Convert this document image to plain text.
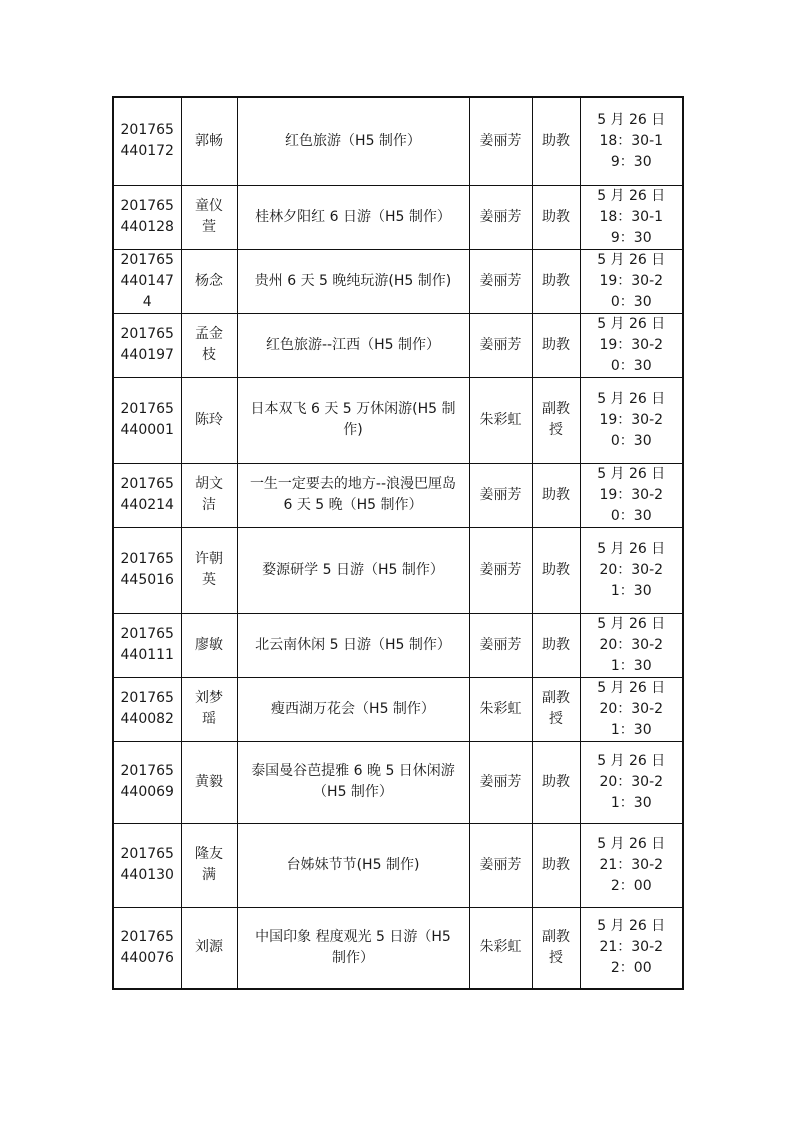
201765440172	郭畅	红色旅游（H5 制作）	姜丽芳	助教	5 月 26 日 18：30-19：30
201765440128	童仪萱	桂林夕阳红 6 日游（H5 制作）	姜丽芳	助教	5 月 26 日 18：30-19：30
2017654401474	杨念	贵州 6 天 5 晚纯玩游(H5 制作)	姜丽芳	助教	5 月 26 日 19：30-20：30
201765440197	孟金枝	红色旅游--江西（H5 制作）	姜丽芳	助教	5 月 26 日 19：30-20：30
201765440001	陈玲	日本双飞 6 天 5 万休闲游(H5 制作)	朱彩虹	副教授	5 月 26 日 19：30-20：30
201765440214	胡文洁	一生一定要去的地方--浪漫巴厘岛 6 天 5 晚（H5 制作）	姜丽芳	助教	5 月 26 日 19：30-20：30
201765445016	许朝英	婺源研学 5 日游（H5 制作）	姜丽芳	助教	5 月 26 日 20：30-21：30
201765440111	廖敏	北云南休闲 5 日游（H5 制作）	姜丽芳	助教	5 月 26 日 20：30-21：30
201765440082	刘梦瑶	瘦西湖万花会（H5 制作）	朱彩虹	副教授	5 月 26 日 20：30-21：30
201765440069	黄毅	泰国曼谷芭提雅 6 晚 5 日休闲游（H5 制作）	姜丽芳	助教	5 月 26 日 20：30-21：30
201765440130	隆友满	台姊妹节节(H5 制作)	姜丽芳	助教	5 月 26 日 21：30-22：00
201765440076	刘源	中国印象 程度观光 5 日游（H5 制作）	朱彩虹	副教授	5 月 26 日 21：30-22：00
